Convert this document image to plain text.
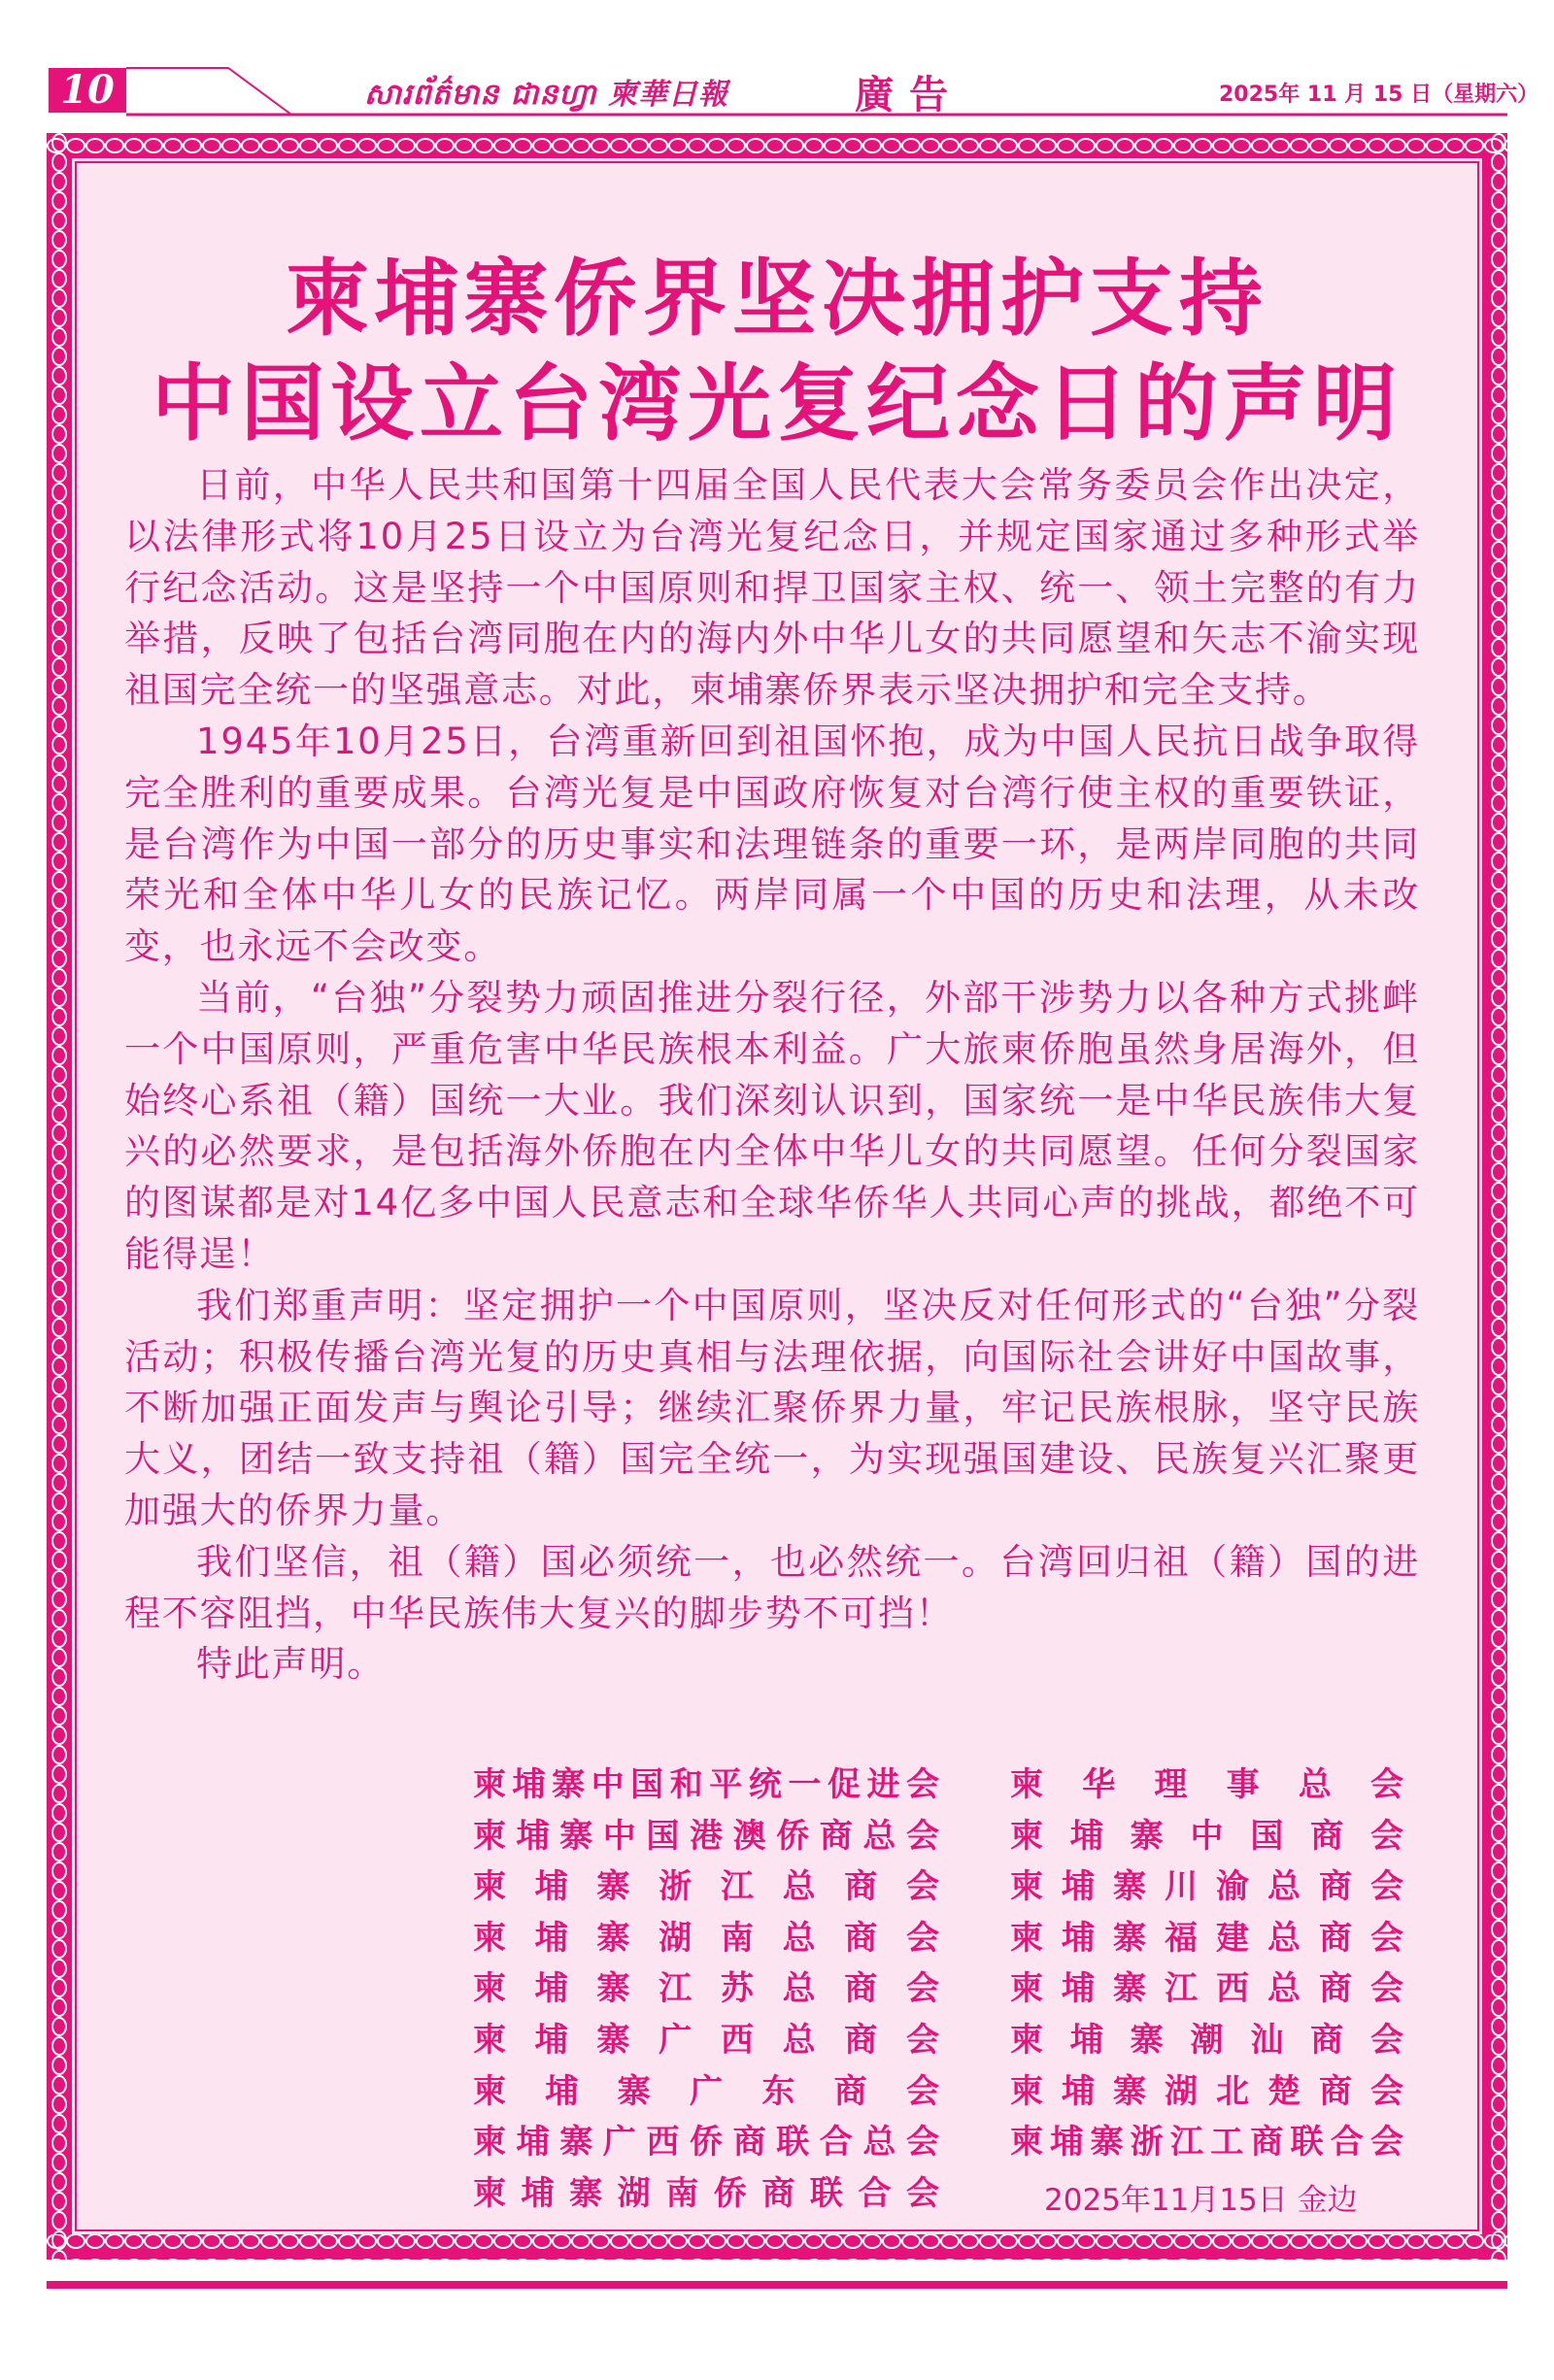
10	សារព័ត៌មាន ជានហ្វា 柬華日報	廣告	2025年 11 月 15 日（星期六）
柬埔寨侨界坚决拥护支持
中国设立台湾光复纪念日的声明

日前，中华人民共和国第十四届全国人民代表大会常务委员会作出决定，以法律形式将10月25日设立为台湾光复纪念日，并规定国家通过多种形式举行纪念活动。这是坚持一个中国原则和捍卫国家主权、统一、领土完整的有力举措，反映了包括台湾同胞在内的海内外中华儿女的共同愿望和矢志不渝实现祖国完全统一的坚强意志。对此，柬埔寨侨界表示坚决拥护和完全支持。

1945年10月25日，台湾重新回到祖国怀抱，成为中国人民抗日战争取得完全胜利的重要成果。台湾光复是中国政府恢复对台湾行使主权的重要铁证，是台湾作为中国一部分的历史事实和法理链条的重要一环，是两岸同胞的共同荣光和全体中华儿女的民族记忆。两岸同属一个中国的历史和法理，从未改变，也永远不会改变。

当前，“台独”分裂势力顽固推进分裂行径，外部干涉势力以各种方式挑衅一个中国原则，严重危害中华民族根本利益。广大旅柬侨胞虽然身居海外，但始终心系祖（籍）国统一大业。我们深刻认识到，国家统一是中华民族伟大复兴的必然要求，是包括海外侨胞在内全体中华儿女的共同愿望。任何分裂国家的图谋都是对14亿多中国人民意志和全球华侨华人共同心声的挑战，都绝不可能得逞！

我们郑重声明：坚定拥护一个中国原则，坚决反对任何形式的“台独”分裂活动；积极传播台湾光复的历史真相与法理依据，向国际社会讲好中国故事，不断加强正面发声与舆论引导；继续汇聚侨界力量，牢记民族根脉，坚守民族大义，团结一致支持祖（籍）国完全统一，为实现强国建设、民族复兴汇聚更加强大的侨界力量。

我们坚信，祖（籍）国必须统一，也必然统一。台湾回归祖（籍）国的进程不容阻挡，中华民族伟大复兴的脚步势不可挡！

特此声明。

柬埔寨中国和平统一促进会
柬埔寨中国港澳侨商总会
柬埔寨浙江总商会
柬埔寨湖南总商会
柬埔寨江苏总商会
柬埔寨广西总商会
柬埔寨广东商会
柬埔寨广西侨商联合总会
柬埔寨湖南侨商联合会
柬华理事总会
柬埔寨中国商会
柬埔寨川渝总商会
柬埔寨福建总商会
柬埔寨江西总商会
柬埔寨潮汕商会
柬埔寨湖北楚商会
柬埔寨浙江工商联合会
2025年11月15日 金边
